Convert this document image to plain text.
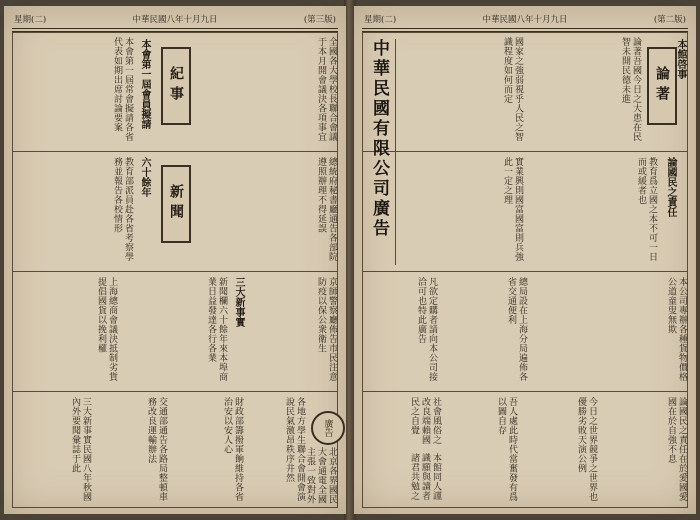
星期(二)	中華民國八年十月九日	(第三版)
紀事
新聞
廣告
本會第一屆會員擬請
六十餘年
三大新事實
全國各大學校長聯合會議于本月開會議決各項事宜
本會第一屆常會擬請各省代表如期出席討論要案
總統府秘書廳通告各部院遵照辦理不得延誤
教育部派員赴各省考察學務並報告各校情形
京師警察廳佈告市民注意防疫以保公衆衛生
新聞欄六十餘年來本埠商業日益發達各行各業
上海總商會議決抵制劣貨提倡國貨以挽利權
各地方學生聯合會開會演說民氣激昂秩序井然
財政部籌撥軍餉維持各省治安以安人心
交通部通告各路局整頓車務改良運輸辦法
三大新事實民國八年秋國內外要聞彙誌于此
北京各界國民大會通電全國主張一致對外
星期(二)	中華民國八年十月九日	(第二版)
中華民國有限公司廣告	論著
本館啓事
論國民之責任
論著吾國今日之大患在民智未開民德未進
國家之強弱視乎人民之智識程度如何而定
教育爲立國之本不可一日而或緩者也
實業興則國富國富則兵強此一定之理
本公司專辦各種貨物價格公道童叟無欺
總局設在上海分局遍佈各省交通便利
凡欲定購者請向本公司接洽可也特此廣告
論國民之責任在於愛國愛國在於自強不息
今日之世界競爭之世界也優勝劣敗天演公例
吾人處此時代當奮發有爲以圖自存
社會風俗之改良端賴國民之自覺
本館同人謹識願與讀者諸君共勉之
